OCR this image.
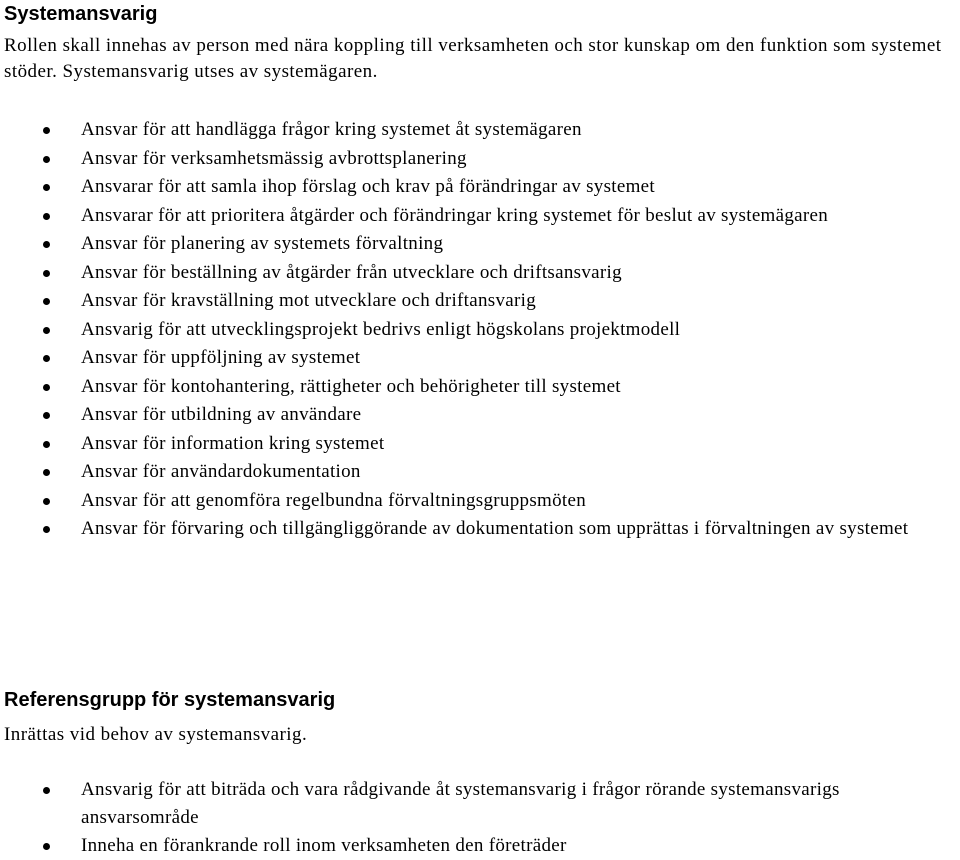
Systemansvarig

Rollen skall innehas av person med nära koppling till verksamheten och stor kunskap om den funktion som systemet stöder. Systemansvarig utses av systemägaren.

Ansvar för att handlägga frågor kring systemet åt systemägaren
Ansvar för verksamhetsmässig avbrottsplanering
Ansvarar för att samla ihop förslag och krav på förändringar av systemet
Ansvarar för att prioritera åtgärder och förändringar kring systemet för beslut av systemägaren
Ansvar för planering av systemets förvaltning
Ansvar för beställning av åtgärder från utvecklare och driftsansvarig
Ansvar för kravställning mot utvecklare och driftansvarig
Ansvarig för att utvecklingsprojekt bedrivs enligt högskolans projektmodell
Ansvar för uppföljning av systemet
Ansvar för kontohantering, rättigheter och behörigheter till systemet
Ansvar för utbildning av användare
Ansvar för information kring systemet
Ansvar för användardokumentation
Ansvar för att genomföra regelbundna förvaltningsgruppsmöten
Ansvar för förvaring och tillgängliggörande av dokumentation som upprättas i förvaltningen av systemet
Referensgrupp för systemansvarig

Inrättas vid behov av systemansvarig.

Ansvarig för att biträda och vara rådgivande åt systemansvarig i frågor rörande systemansvarigs ansvarsområde
Inneha en förankrande roll inom verksamheten den företräder
